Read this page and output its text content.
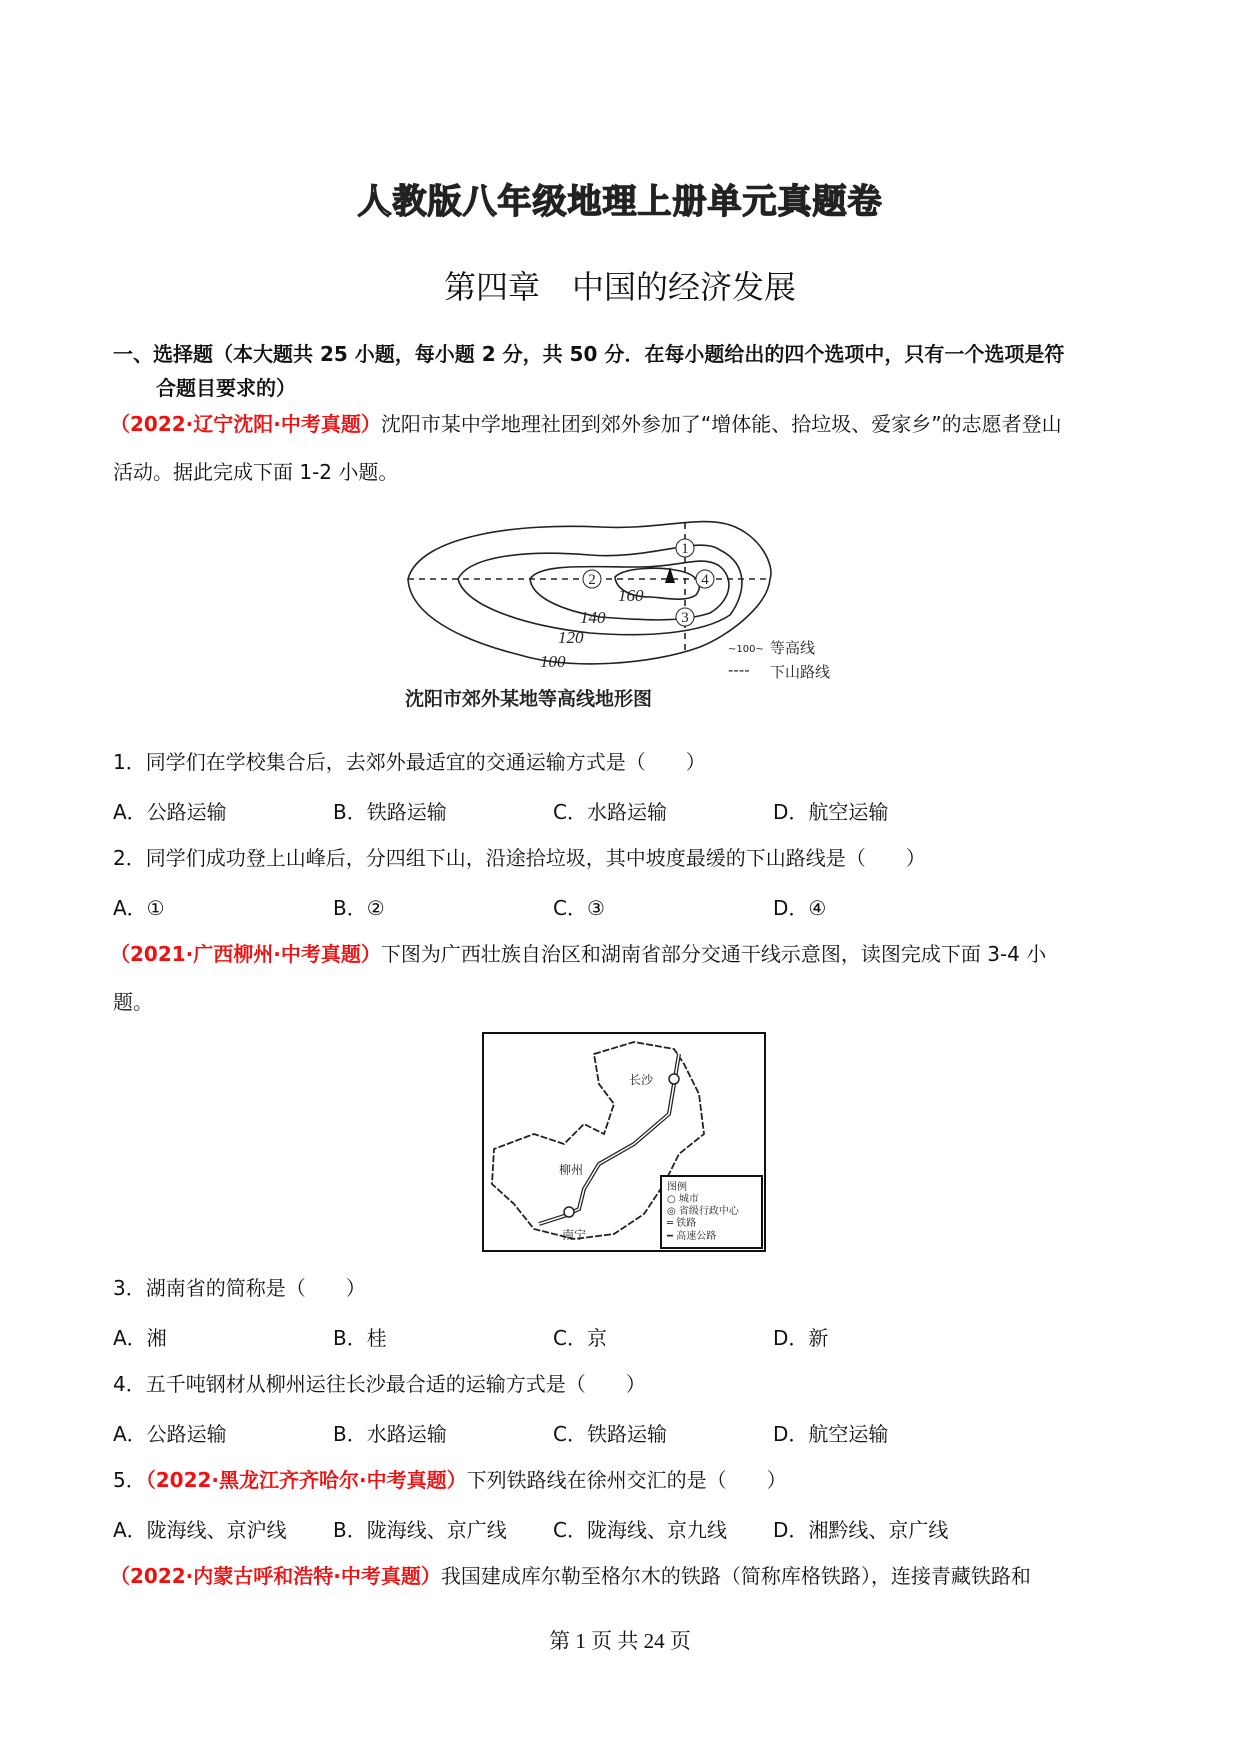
人教版八年级地理上册单元真题卷
第四章　中国的经济发展
一、选择题（本大题共 25 小题，每小题 2 分，共 50 分．在每小题给出的四个选项中，只有一个选项是符
合题目要求的）
（2022·辽宁沈阳·中考真题）沈阳市某中学地理社团到郊外参加了“增体能、拾垃圾、爱家乡”的志愿者登山
活动。据此完成下面 1-2 小题。
1
2
3
4
160
140
120
100
~100~ 等高线
---- 下山路线
沈阳市郊外某地等高线地形图
1．同学们在学校集合后，去郊外最适宜的交通运输方式是（　　）
A．公路运输	B．铁路运输	C．水路运输	D．航空运输
2．同学们成功登上山峰后，分四组下山，沿途拾垃圾，其中坡度最缓的下山路线是（　　）
A．①	B．②	C．③	D．④
（2021·广西柳州·中考真题）下图为广西壮族自治区和湖南省部分交通干线示意图，读图完成下面 3-4 小
题。
长沙
柳州
南宁
图例
○ 城市
◎ 省级行政中心
═ 铁路
━ 高速公路
3．湖南省的简称是（　　）
A．湘	B．桂	C．京	D．新
4．五千吨钢材从柳州运往长沙最合适的运输方式是（　　）
A．公路运输	B．水路运输	C．铁路运输	D．航空运输
5．（2022·黑龙江齐齐哈尔·中考真题）下列铁路线在徐州交汇的是（　　）
A．陇海线、京沪线 B．陇海线、京广线 C．陇海线、京九线 D．湘黔线、京广线
（2022·内蒙古呼和浩特·中考真题）我国建成库尔勒至格尔木的铁路（简称库格铁路），连接青藏铁路和
第 1 页 共 24 页
